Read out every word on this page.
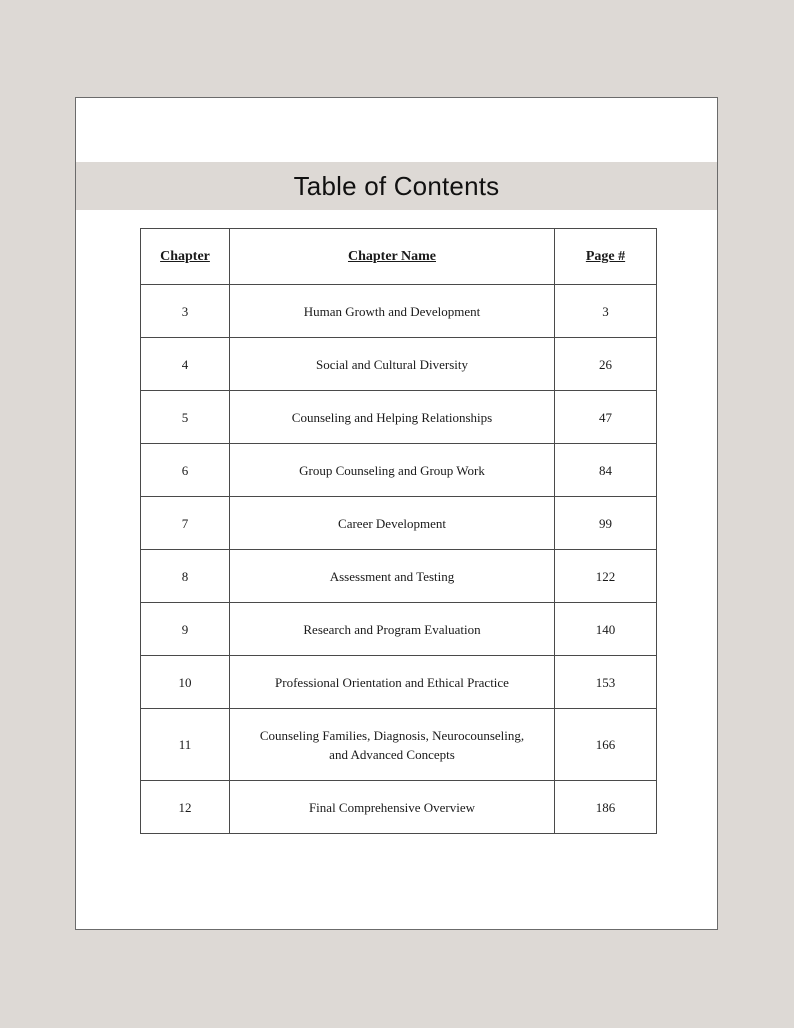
Table of Contents
Chapter	Chapter Name	Page #
3	Human Growth and Development	3
4	Social and Cultural Diversity	26
5	Counseling and Helping Relationships	47
6	Group Counseling and Group Work	84
7	Career Development	99
8	Assessment and Testing	122
9	Research and Program Evaluation	140
10	Professional Orientation and Ethical Practice	153
11	Counseling Families, Diagnosis, Neurocounseling,
and Advanced Concepts	166
12	Final Comprehensive Overview	186
